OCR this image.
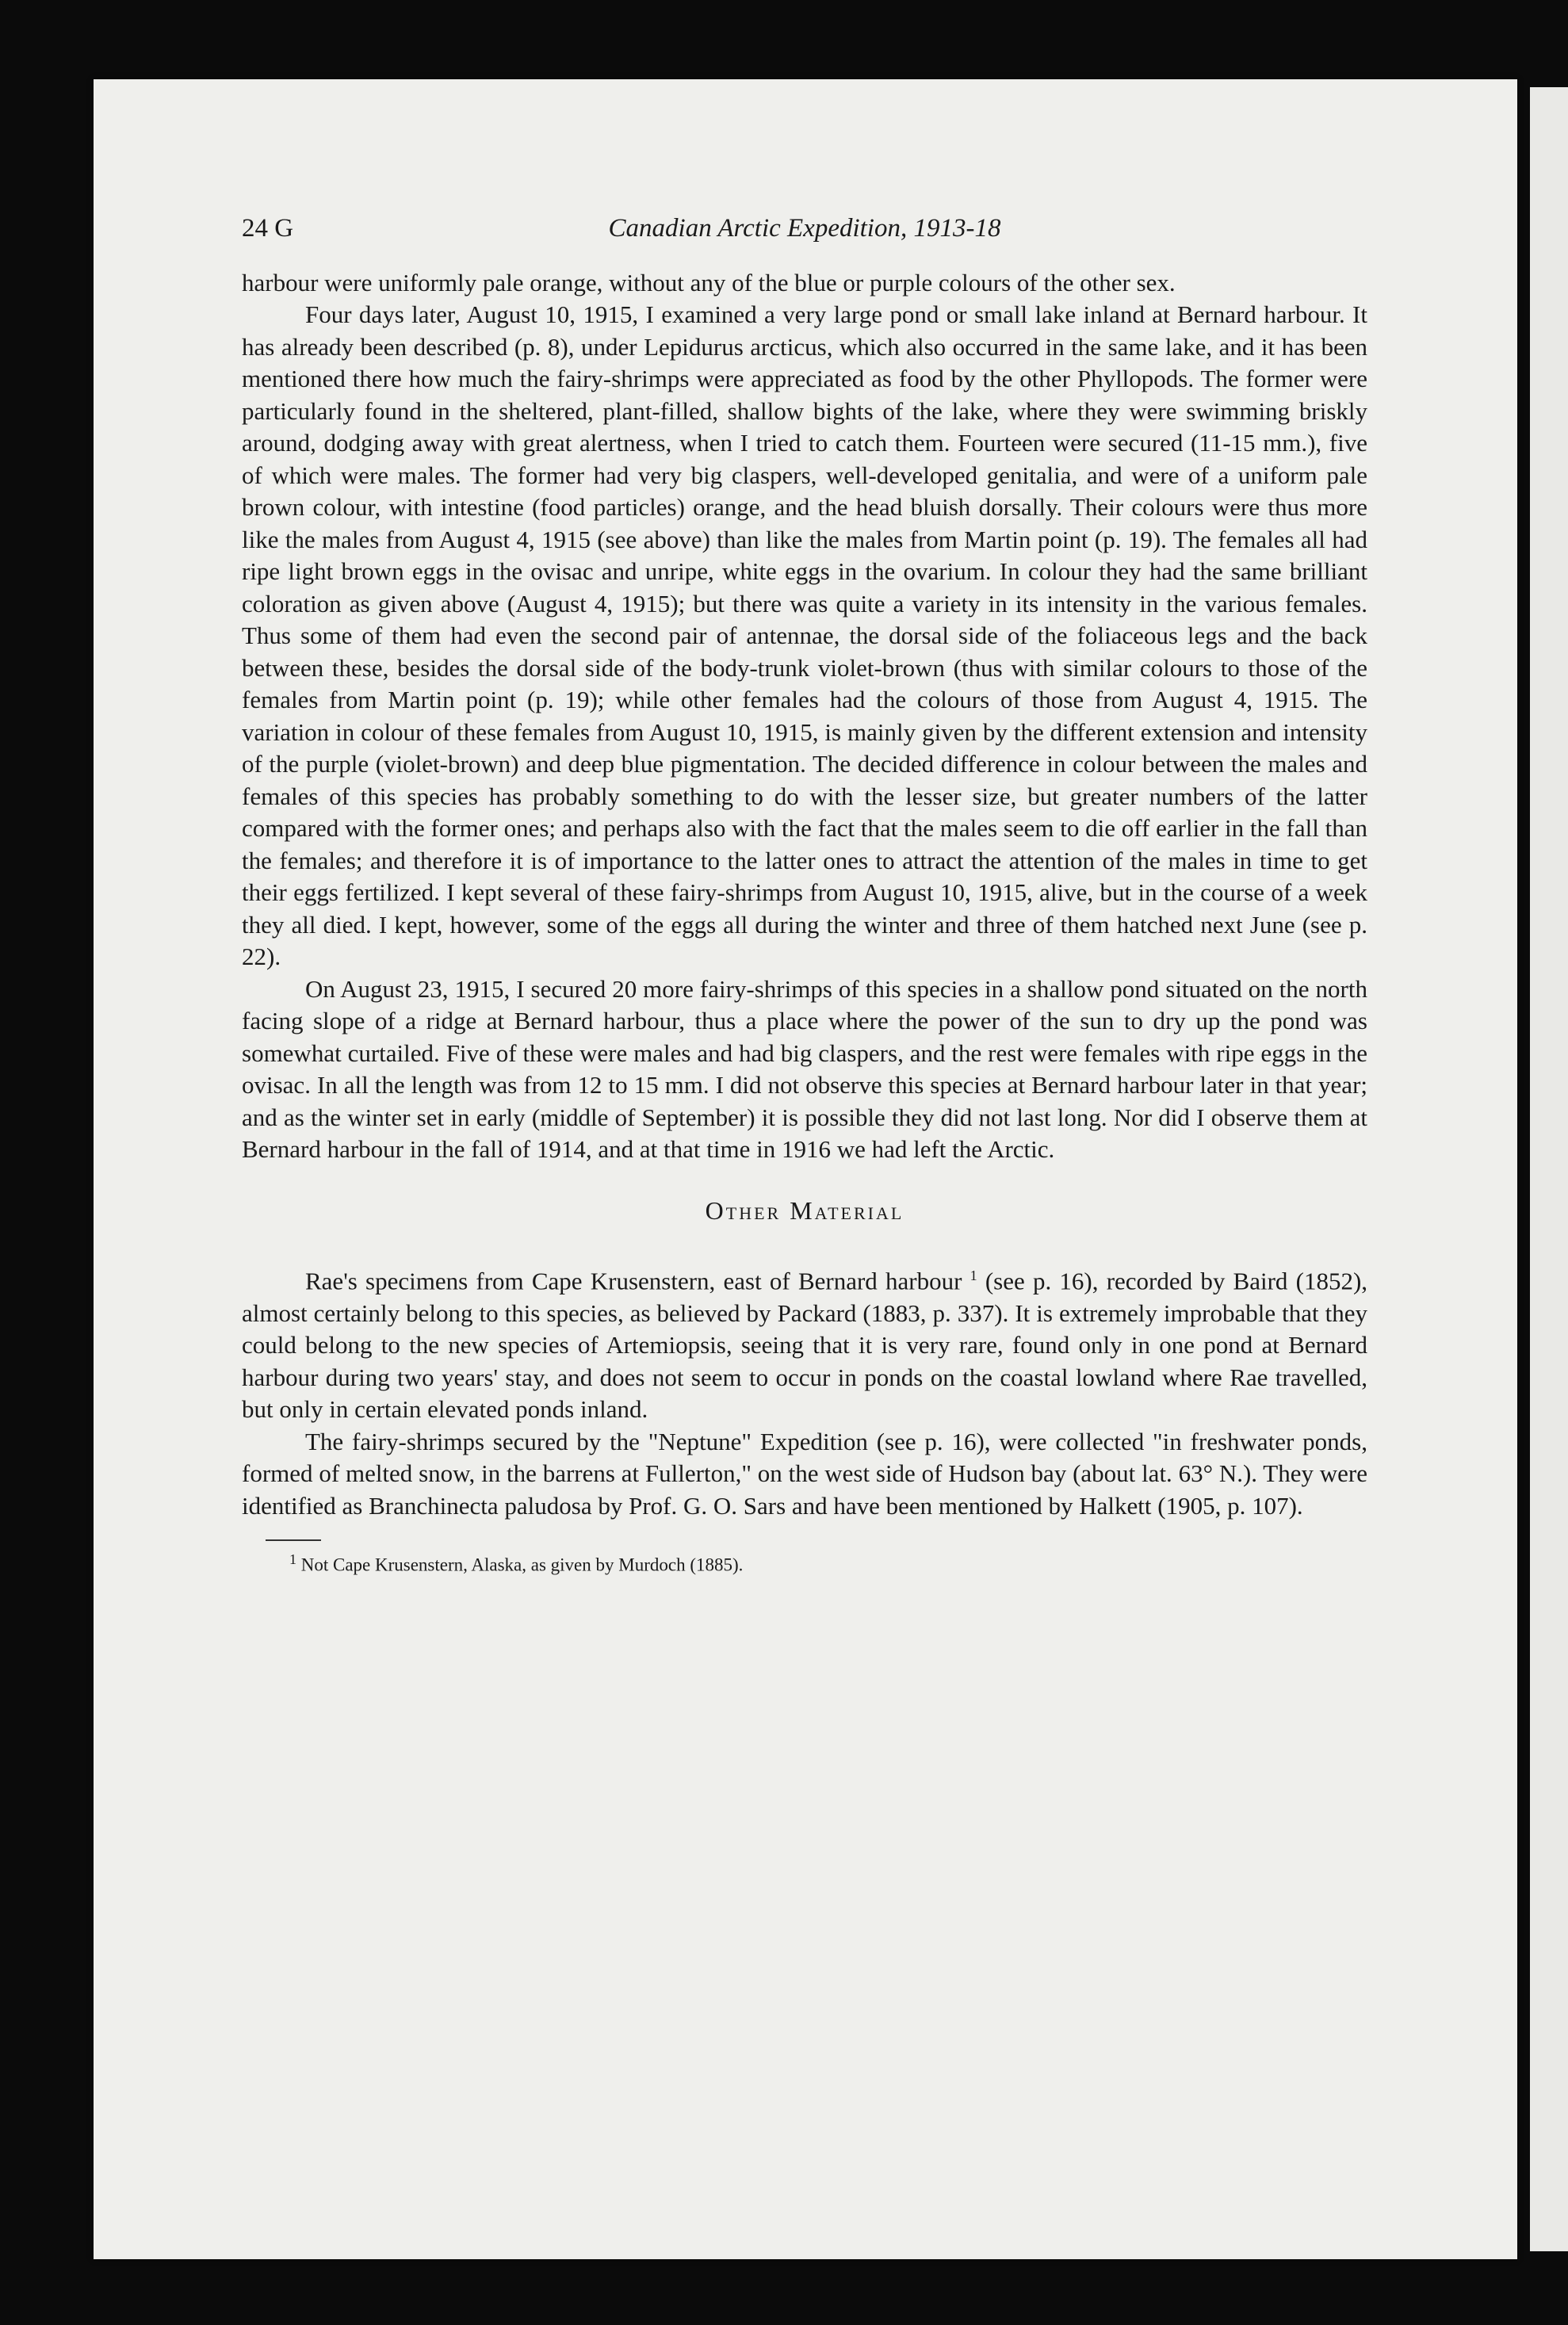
24 G	Canadian Arctic Expedition, 1913-18

harbour were uniformly pale orange, without any of the blue or purple colours of the other sex.

Four days later, August 10, 1915, I examined a very large pond or small lake inland at Bernard harbour. It has already been described (p. 8), under Lepidurus arcticus, which also occurred in the same lake, and it has been mentioned there how much the fairy-shrimps were appreciated as food by the other Phyllopods. The former were particularly found in the sheltered, plant-filled, shallow bights of the lake, where they were swimming briskly around, dodging away with great alertness, when I tried to catch them. Fourteen were secured (11-15 mm.), five of which were males. The former had very big claspers, well-developed genitalia, and were of a uniform pale brown colour, with intestine (food particles) orange, and the head bluish dorsally. Their colours were thus more like the males from August 4, 1915 (see above) than like the males from Martin point (p. 19). The females all had ripe light brown eggs in the ovisac and unripe, white eggs in the ovarium. In colour they had the same brilliant coloration as given above (August 4, 1915); but there was quite a variety in its intensity in the various females. Thus some of them had even the second pair of antennae, the dorsal side of the foliaceous legs and the back between these, besides the dorsal side of the body-trunk violet-brown (thus with similar colours to those of the females from Martin point (p. 19); while other females had the colours of those from August 4, 1915. The variation in colour of these females from August 10, 1915, is mainly given by the different extension and intensity of the purple (violet-brown) and deep blue pigmentation. The decided difference in colour between the males and females of this species has probably something to do with the lesser size, but greater numbers of the latter compared with the former ones; and perhaps also with the fact that the males seem to die off earlier in the fall than the females; and therefore it is of importance to the latter ones to attract the attention of the males in time to get their eggs fertilized. I kept several of these fairy-shrimps from August 10, 1915, alive, but in the course of a week they all died. I kept, however, some of the eggs all during the winter and three of them hatched next June (see p. 22).

On August 23, 1915, I secured 20 more fairy-shrimps of this species in a shallow pond situated on the north facing slope of a ridge at Bernard harbour, thus a place where the power of the sun to dry up the pond was somewhat curtailed. Five of these were males and had big claspers, and the rest were females with ripe eggs in the ovisac. In all the length was from 12 to 15 mm. I did not observe this species at Bernard harbour later in that year; and as the winter set in early (middle of September) it is possible they did not last long. Nor did I observe them at Bernard harbour in the fall of 1914, and at that time in 1916 we had left the Arctic.

Other Material

Rae's specimens from Cape Krusenstern, east of Bernard harbour $^1$ (see p. 16), recorded by Baird (1852), almost certainly belong to this species, as believed by Packard (1883, p. 337). It is extremely improbable that they could belong to the new species of Artemiopsis, seeing that it is very rare, found only in one pond at Bernard harbour during two years' stay, and does not seem to occur in ponds on the coastal lowland where Rae travelled, but only in certain elevated ponds inland.

The fairy-shrimps secured by the "Neptune" Expedition (see p. 16), were collected "in freshwater ponds, formed of melted snow, in the barrens at Fullerton," on the west side of Hudson bay (about lat. 63° N.). They were identified as Branchinecta paludosa by Prof. G. O. Sars and have been mentioned by Halkett (1905, p. 107).

$^1$ Not Cape Krusenstern, Alaska, as given by Murdoch (1885).
